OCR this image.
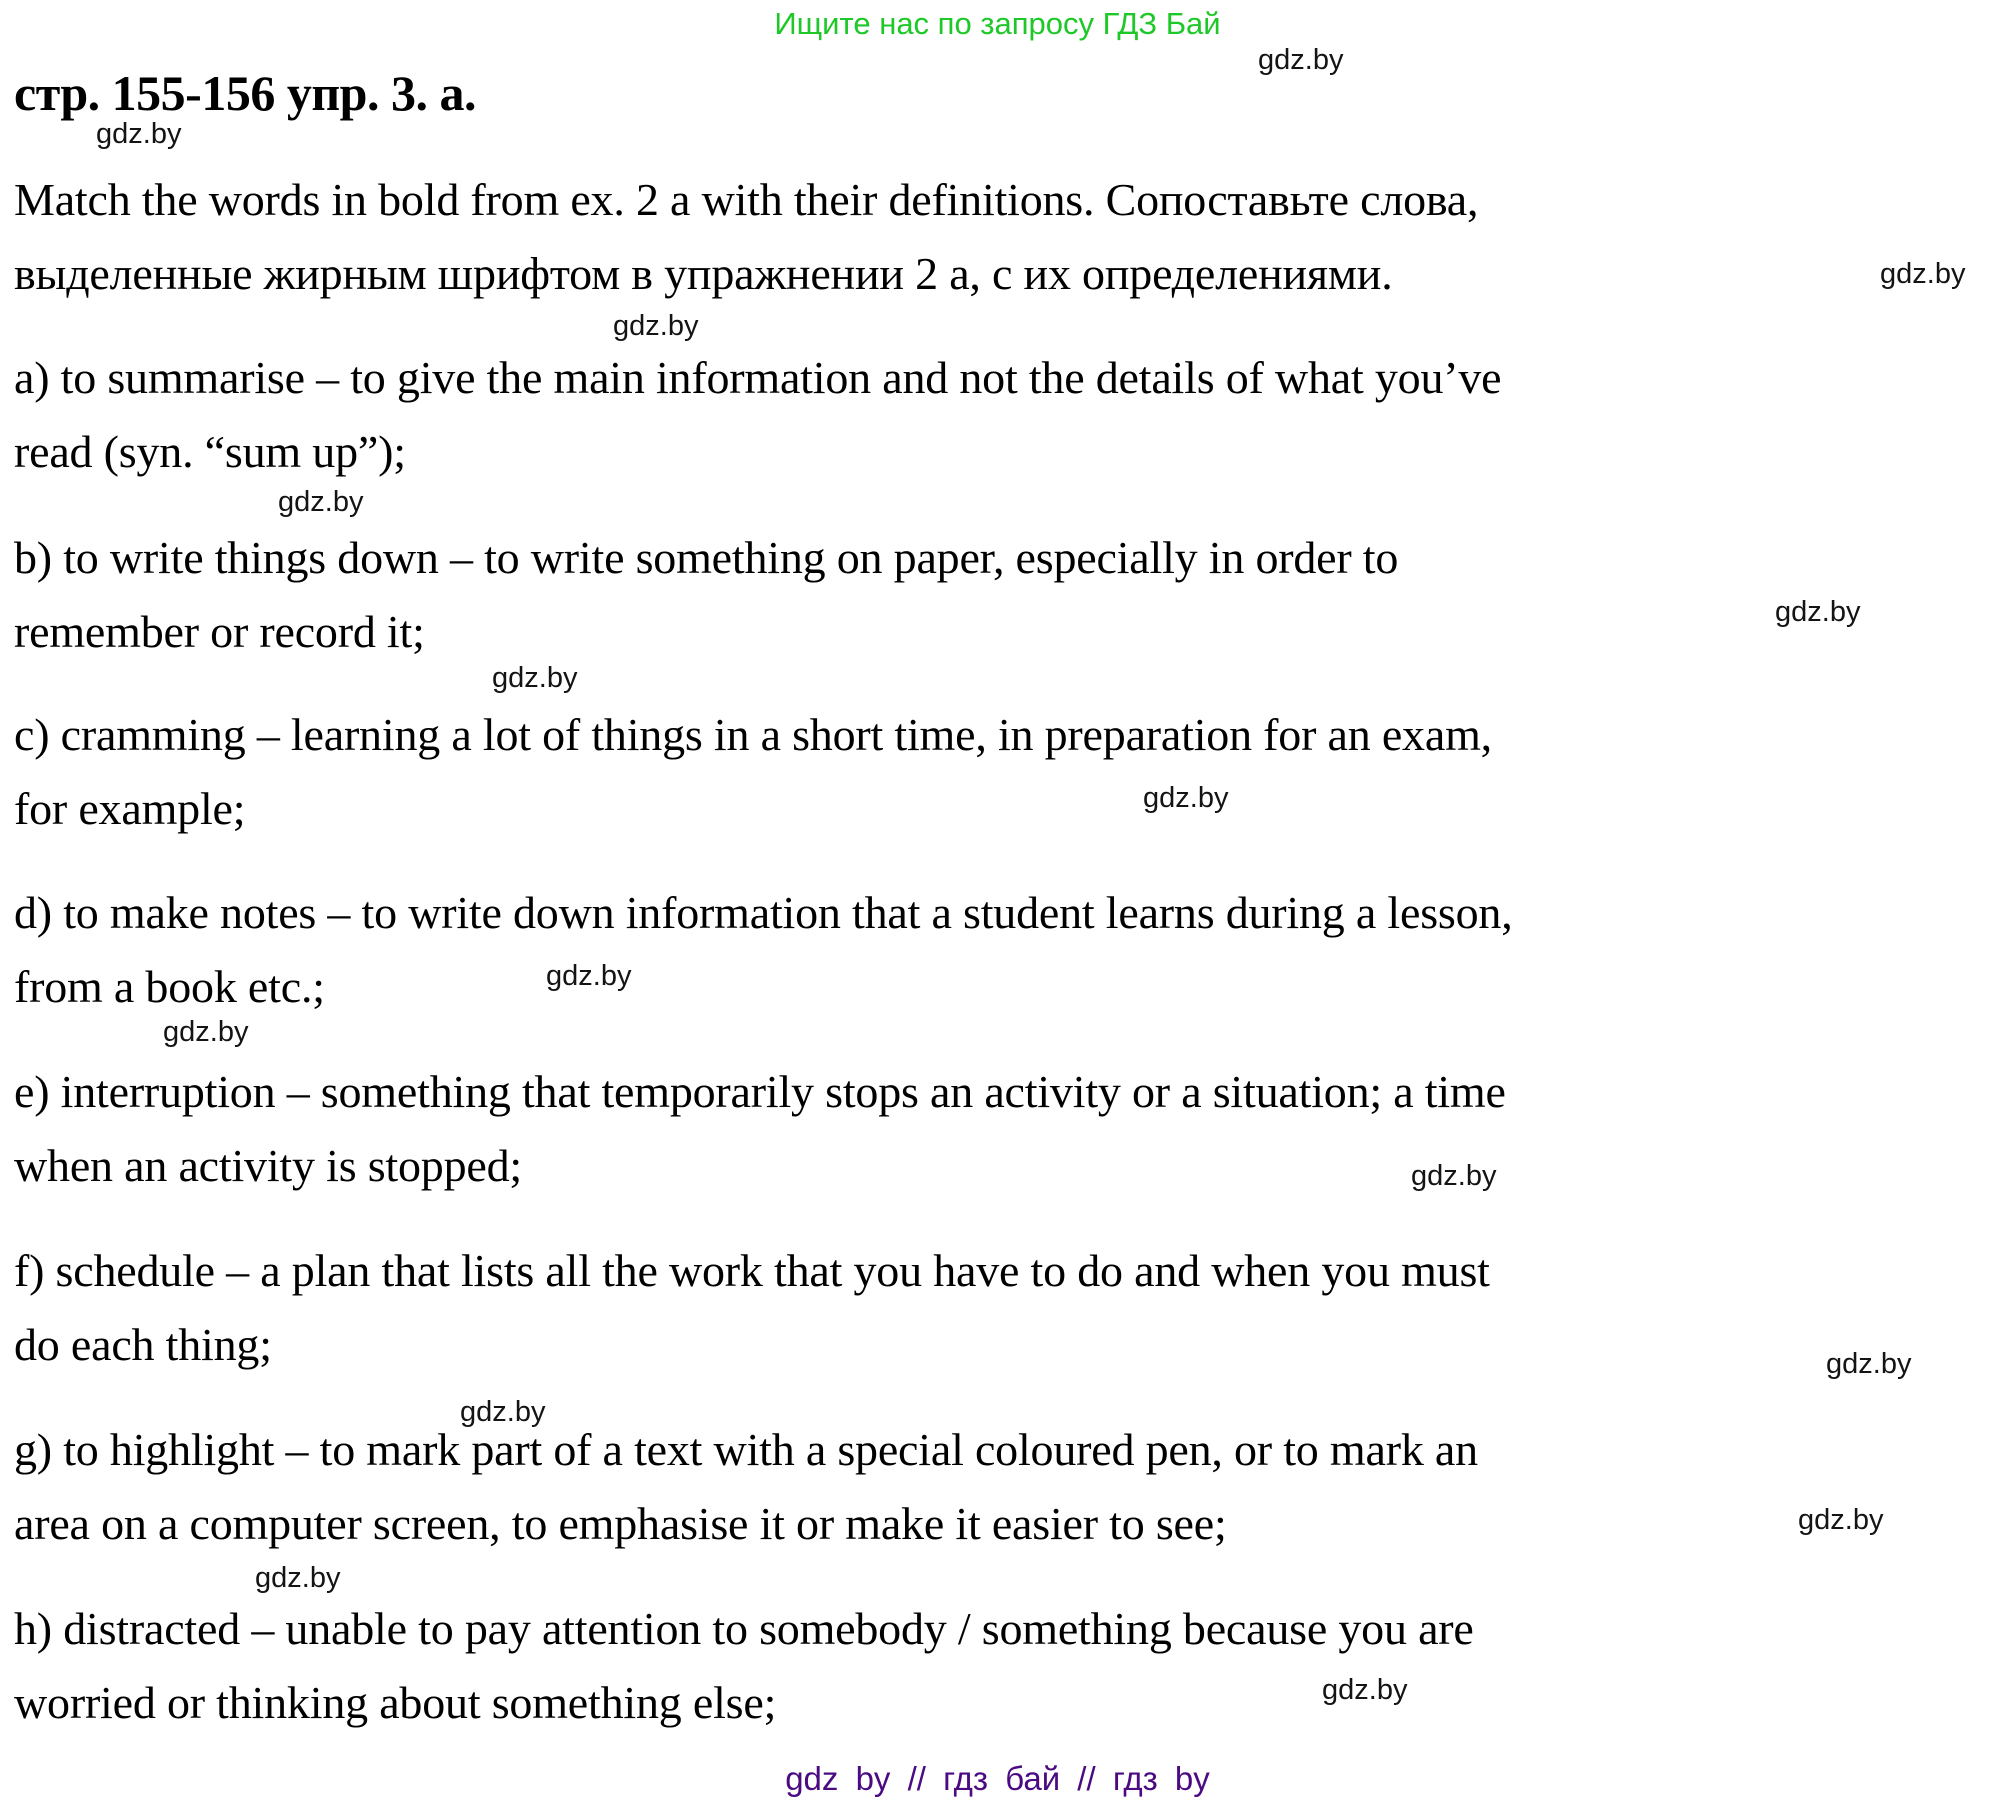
Ищите нас по запросу ГДЗ Бай
стр. 155-156 упр. 3. а.
Match the words in bold from ex. 2 a with their definitions. Сопоставьте слова,
выделенные жирным шрифтом в упражнении 2 а, с их определениями.
a) to summarise – to give the main information and not the details of what you’ve
read (syn. “sum up”);
b) to write things down – to write something on paper, especially in order to
remember or record it;
c) cramming – learning a lot of things in a short time, in preparation for an exam,
for example;
d) to make notes – to write down information that a student learns during a lesson,
from a book etc.;
e) interruption – something that temporarily stops an activity or a situation; a time
when an activity is stopped;
f) schedule – a plan that lists all the work that you have to do and when you must
do each thing;
g) to highlight – to mark part of a text with a special coloured pen, or to mark an
area on a computer screen, to emphasise it or make it easier to see;
h) distracted – unable to pay attention to somebody / something because you are
worried or thinking about something else;
gdz.by
gdz.by
gdz.by
gdz.by
gdz.by
gdz.by
gdz.by
gdz.by
gdz.by
gdz.by
gdz.by
gdz.by
gdz.by
gdz.by
gdz.by
gdz.by
gdz by // гдз бай // гдз by
